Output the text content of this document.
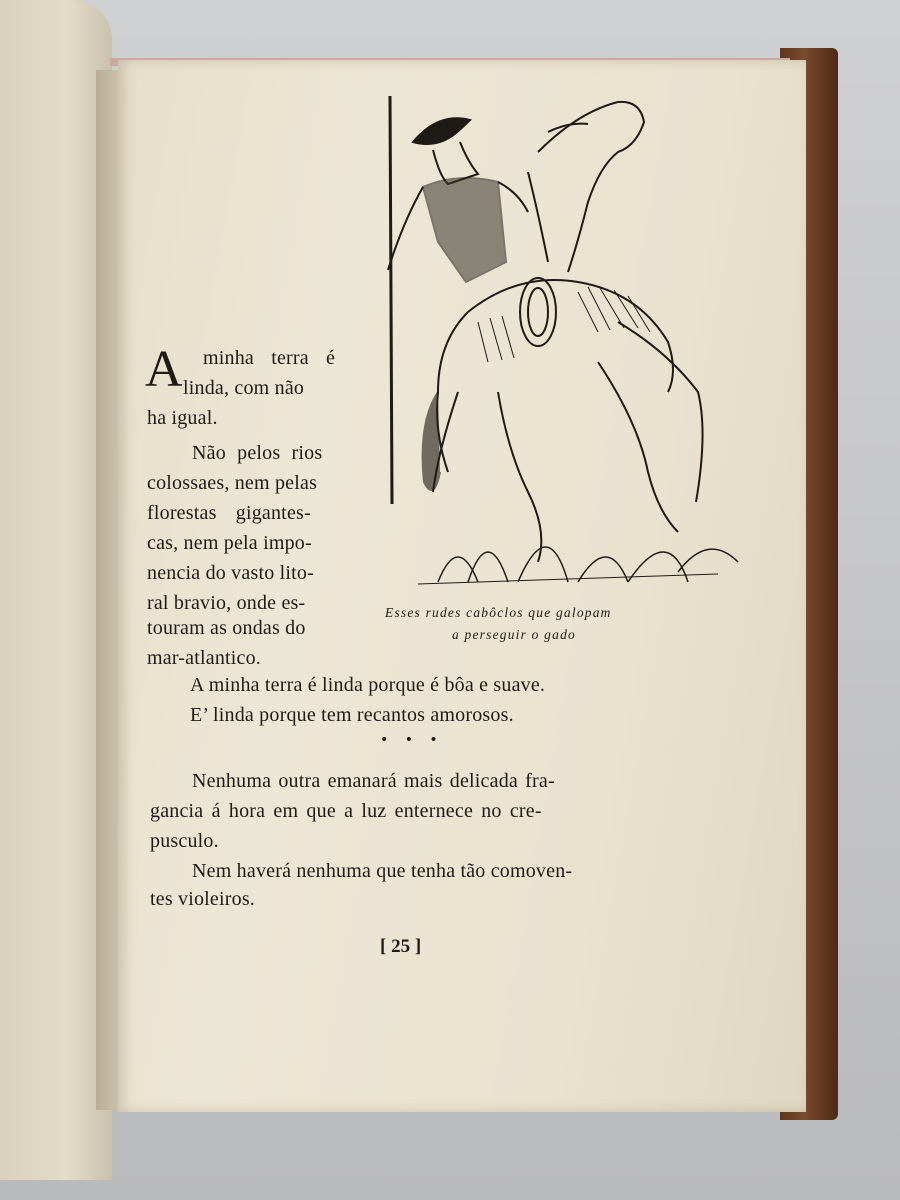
Esses rudes cabôclos que galopam
a perseguir o gado
A minha terra é
linda, com não
ha igual.
Não pelos rios
colossaes, nem pelas
florestas gigantes-
cas, nem pela impo-
nencia do vasto lito-
ral bravio, onde es-
touram as ondas do
mar-atlantico.
A minha terra é linda porque é bôa e suave.
E’ linda porque tem recantos amorosos.
• • •
Nenhuma outra emanará mais delicada fra-
gancia á hora em que a luz enternece no cre-
pusculo.
Nem haverá nenhuma que tenha tão comoven-
tes violeiros.
[ 25 ]
